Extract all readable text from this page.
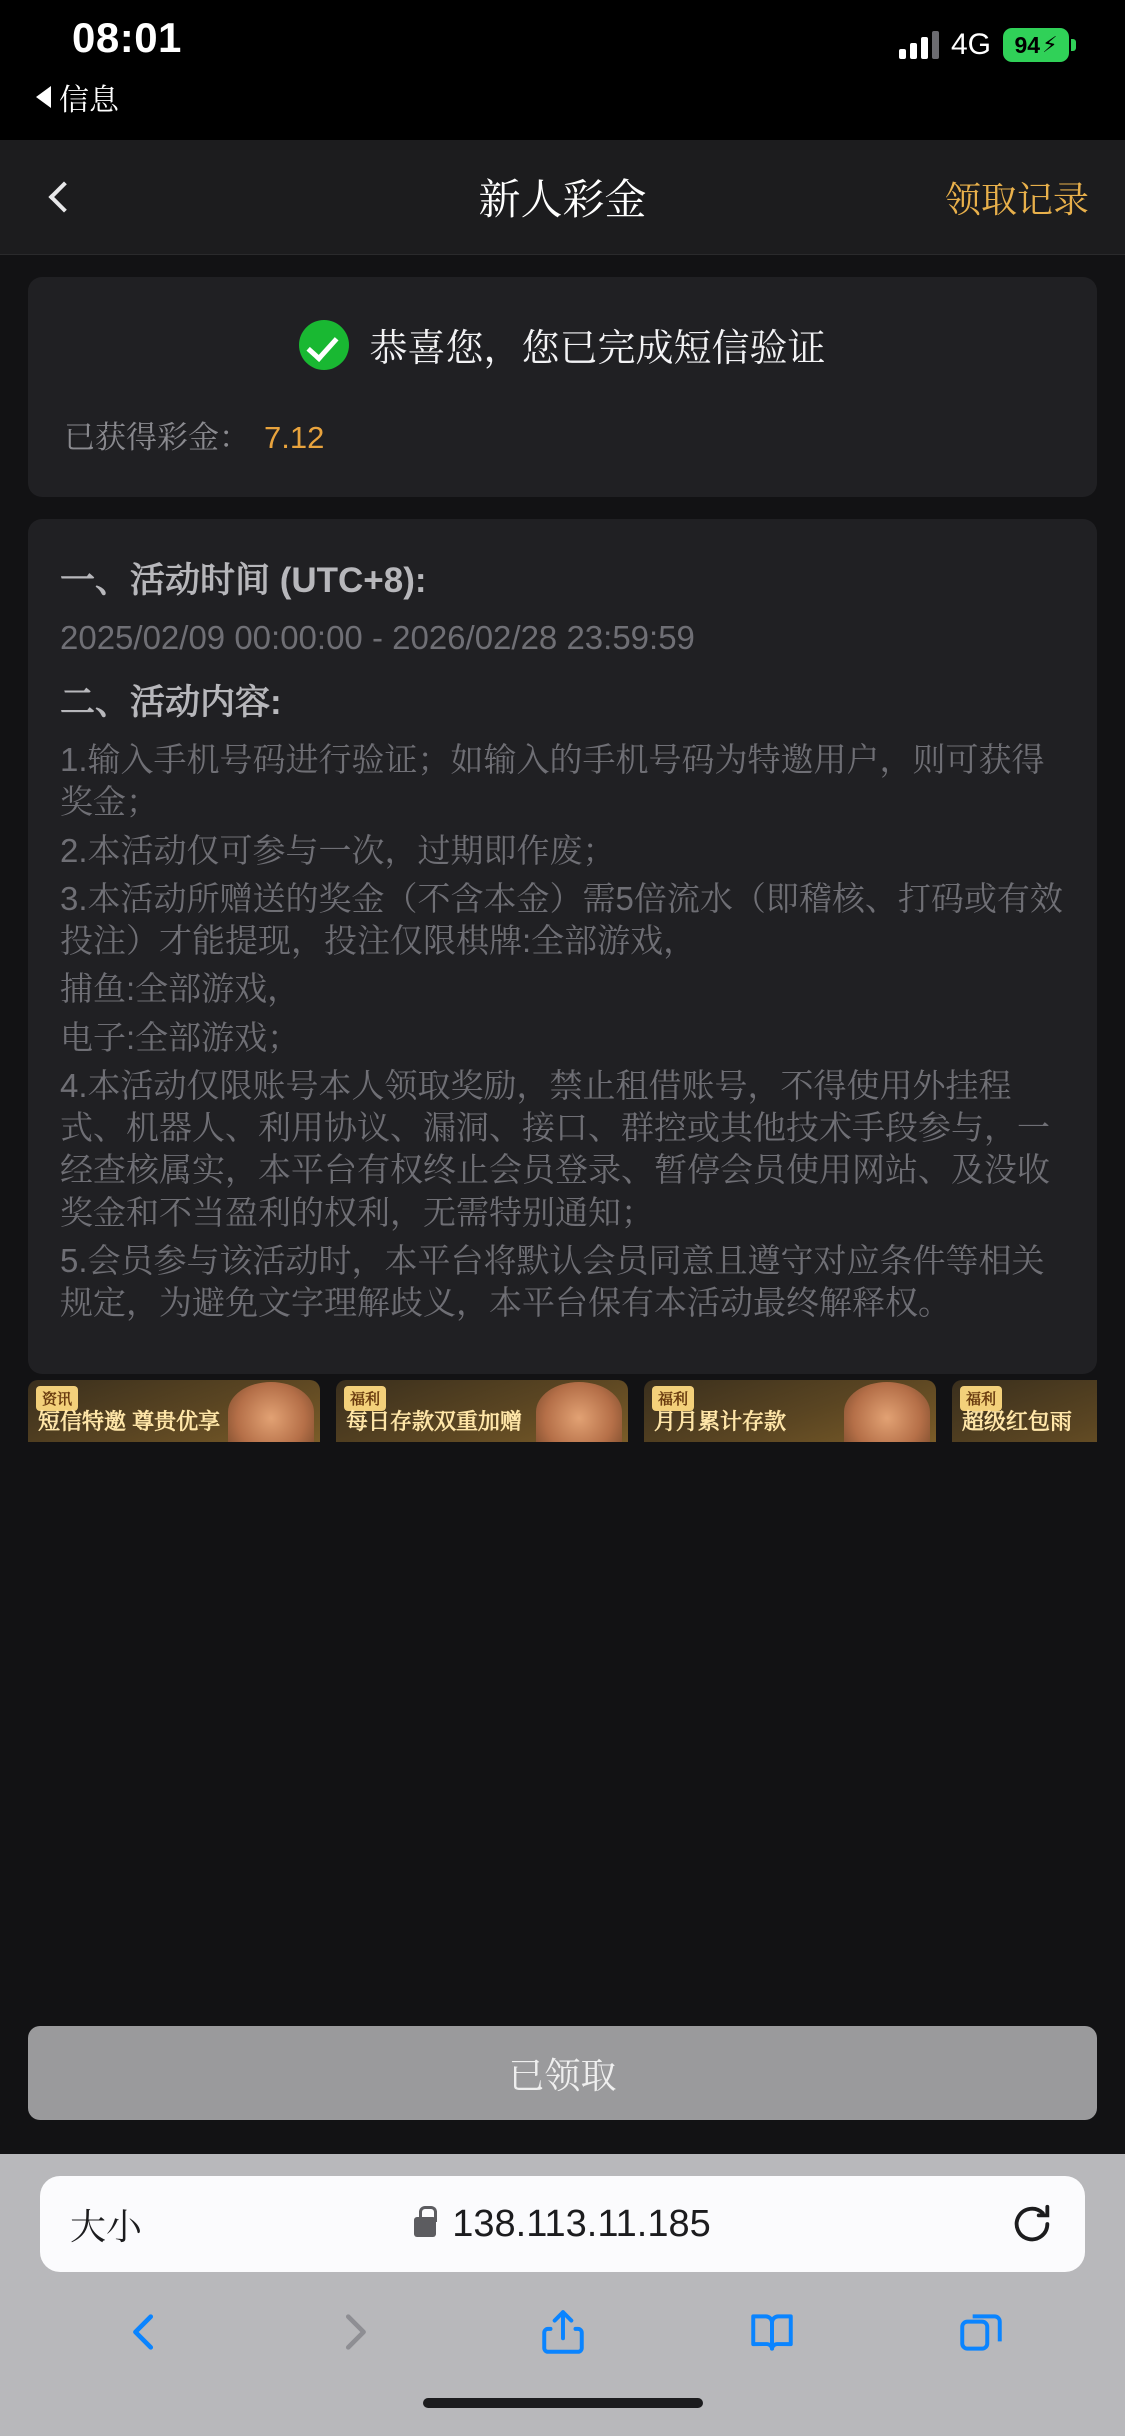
08:01
信息
4G 94 ⚡
新人彩金	领取记录
恭喜您，您已完成短信验证
已获得彩金： 7.12
一、活动时间 (UTC+8):

2025/02/09 00:00:00 - 2026/02/28 23:59:59

二、活动内容:

1.输入手机号码进行验证；如输入的手机号码为特邀用户，则可获得奖金；

2.本活动仅可参与一次，过期即作废；

3.本活动所赠送的奖金（不含本金）需5倍流水（即稽核、打码或有效投注）才能提现，投注仅限棋牌:全部游戏，

捕鱼:全部游戏，

电子:全部游戏；

4.本活动仅限账号本人领取奖励，禁止租借账号，不得使用外挂程式、机器人、利用协议、漏洞、接口、群控或其他技术手段参与，一经查核属实，本平台有权终止会员登录、暂停会员使用网站、及没收奖金和不当盈利的权利，无需特别通知；

5.会员参与该活动时，本平台将默认会员同意且遵守对应条件等相关规定，为避免文字理解歧义，本平台保有本活动最终解释权。

资讯
短信特邀 尊贵优享
福利
每日存款双重加赠
福利
月月累计存款
福利
超级红包雨
已领取
大小	138.113.11.185
